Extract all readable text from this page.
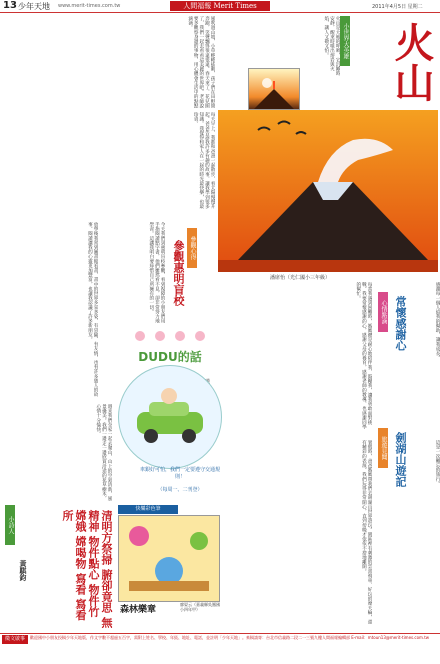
13 少年天地 www.merit-times.com.tw	人間福報 Merit Times	2011年4月5日 星期二
風吹過山坡，小草輕輕搖動，孩子們在田野間奔跑，笑聲飄得很遠很遠。春天來了，花兒開了，我們一起去看看這美麗的世界吧。老師說要多觀察身邊的事物，用心體會生活中的點點滴滴。
每天早上，我都和爸爸一起散步，看太陽慢慢升起。爸爸告訴我許多有趣的故事，讓我學到很多知識。我覺得和家人在一起的時光最快樂，也最珍貴。
火山是大地的呼吸，它沉睡時安靜，醒來時噴出熔岩與火焰，讓人又敬又怕。	小世界大英雄 火山
潘席怡（光仁國小三年級）
參觀心得
參觀惠明盲校
今天我們到惠明盲校參觀，看到視障的小朋友們用手指閱讀點字書，他們雖然看不見，卻非常努力地學習。這讓我明白要珍惜自己所擁有的一切。
放學後我常到圖書館看書，書中的世界多采多姿，有冒險、有友情，也有許多感人的故事。閱讀讓我的心靈更加豐富，也讓我認識了許多新朋友。
DUDU的話
車銀好可怕，我們一定要遵守交通規則！
（每周一、二刊登）
每當我遇到困難時，媽媽總是耐心地陪伴我、鼓勵我，讓我勇敢面對挑戰。我要常懷感謝的心，感謝父母的養育，感謝老師的教導，也感謝同學的幫忙。
心情點滴 常懷感謝心	感謝每一個人給我的幫助，讓我成長。
暑假時，爸爸媽媽帶我們去劍湖山世界遊玩。園區裡有刺激的雲霄飛車、好玩的摩天輪，還有精彩的表演。我們玩得非常開心，直到傍晚才依依不捨地離開。	旅遊見聞 劍湖山遊記	這是一次難忘的旅行。
週末我們全家一起去爬山，山上的空氣清新，風景優美。我們一邊走一邊欣賞沿途的花草樹木，心情十分愉快。
小詩人
黃騏鈞	清明方祭掃 腑卻竟思 無精神 物件點心 物件竹 嫦娥 嫦喝物 寫看 寫看所
快樂彩色筆
森林樂章
廖晏云（嘉義縣吳鳳國小四年甲）
徵文啟事	歡迎國中小朋友投稿少年天地版，作文字數不超過五百字，需附上姓名、學校、年級、地址、電話，並註明「少年天地」。來稿請寄：台北市信義路二段二一三號九樓人間福報編輯部 E-mail：mtoun13@merit-times.com.tw
